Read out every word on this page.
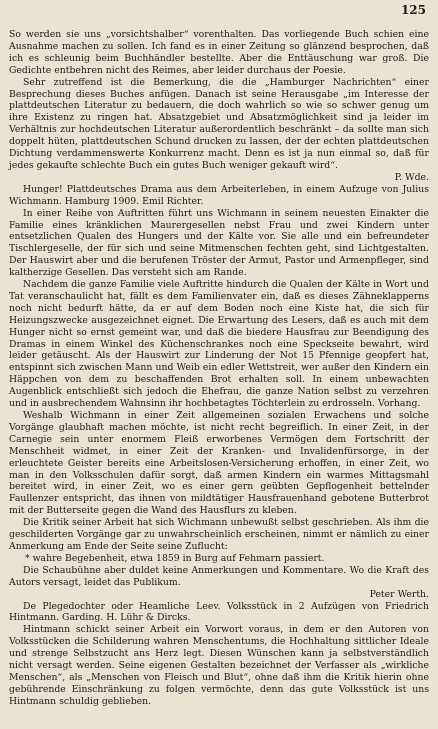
125

So werden sie uns „vorsichtshalber“ vorenthalten. Das vorliegende Buch schien eine Ausnahme machen zu sollen. Ich fand es in einer Zeitung so glänzend besprochen, daß ich es schleunig beim Buchhändler bestellte. Aber die Enttäuschung war groß. Die Gedichte entbehren nicht des Reimes, aber leider durchaus der Poesie.

Sehr zutreffend ist die Bemerkung, die die „Hamburger Nachrichten“ einer Besprechung dieses Buches anfügen. Danach ist seine Herausgabe „im Interesse der plattdeutschen Literatur zu bedauern, die doch wahrlich so wie so schwer genug um ihre Existenz zu ringen hat. Absatzgebiet und Absatzmöglichkeit sind ja leider im Verhältnis zur hochdeutschen Literatur außerordentlich beschränkt – da sollte man sich doppelt hüten, plattdeutschen Schund drucken zu lassen, der der echten plattdeutschen Dichtung verdammenswerte Konkurrenz macht. Denn es ist ja nun einmal so, daß für jedes gekaufte schlechte Buch ein gutes Buch weniger gekauft wird“.

P. Wde.

Hunger! Plattdeutsches Drama aus dem Arbeiterleben, in einem Aufzuge von Julius Wichmann. Hamburg 1909. Emil Richter.

In einer Reihe von Auftritten führt uns Wichmann in seinem neuesten Einakter die Familie eines kränklichen Maurergesellen nebst Frau und zwei Kindern unter entsetzlichen Qualen des Hungers und der Kälte vor. Sie alle und ein befreundeter Tischlergeselle, der für sich und seine Mitmenschen fechten geht, sind Lichtgestalten. Der Hauswirt aber und die berufenen Tröster der Armut, Pastor und Armenpfleger, sind kaltherzige Gesellen. Das versteht sich am Rande.

Nachdem die ganze Familie viele Auftritte hindurch die Qualen der Kälte in Wort und Tat veranschaulicht hat, fällt es dem Familienvater ein, daß es dieses Zähneklapperns noch nicht bedurft hätte, da er auf dem Boden noch eine Kiste hat, die sich für Heizungszwecke ausgezeichnet eignet. Die Erwartung des Lesers, daß es auch mit dem Hunger nicht so ernst gemeint war, und daß die biedere Hausfrau zur Beendigung des Dramas in einem Winkel des Küchenschrankes noch eine Speckseite bewahrt, wird leider getäuscht. Als der Hauswirt zur Linderung der Not 15 Pfennige geopfert hat, entspinnt sich zwischen Mann und Weib ein edler Wettstreit, wer außer den Kindern ein Häppchen von dem zu beschaffenden Brot erhalten soll. In einem unbewachten Augenblick entschließt sich jedoch die Ehefrau, die ganze Nation selbst zu verzehren und in ausbrechendem Wahnsinn ihr hochbetagtes Töchterlein zu erdrosseln. Vorhang.

Weshalb Wichmann in einer Zeit allgemeinen sozialen Erwachens und solche Vorgänge glaubhaft machen möchte, ist nicht recht begreiflich. In einer Zeit, in der Carnegie sein unter enormem Fleiß erworbenes Vermögen dem Fortschritt der Menschheit widmet, in einer Zeit der Kranken- und Invalidenfürsorge, in der erleuchtete Geister bereits eine Arbeitslosen-Versicherung erhoffen, in einer Zeit, wo man in den Volksschulen dafür sorgt, daß armen Kindern ein warmes Mittagsmahl bereitet wird, in einer Zeit, wo es einer gern geübten Gepflogenheit bettelnder Faullenzer entspricht, das ihnen von mildtätiger Hausfrauenhand gebotene Butterbrot mit der Butterseite gegen die Wand des Hausflurs zu kleben.

Die Kritik seiner Arbeit hat sich Wichmann unbewußt selbst geschrieben. Als ihm die geschilderten Vorgänge gar zu unwahrscheinlich erscheinen, nimmt er nämlich zu einer Anmerkung am Ende der Seite seine Zuflucht:

* wahre Begebenheit, etwa 1859 in Burg auf Fehmarn passiert.

Die Schaubühne aber duldet keine Anmerkungen und Kommentare. Wo die Kraft des Autors versagt, leidet das Publikum.

Peter Werth.

De Plegedochter oder Heamliche Leev. Volksstück in 2 Aufzügen von Friedrich Hintmann. Garding. H. Lühr & Dircks.

Hintmann schickt seiner Arbeit ein Vorwort voraus, in dem er den Autoren von Volksstücken die Schilderung wahren Menschentums, die Hochhaltung sittlicher Ideale und strenge Selbstzucht ans Herz legt. Diesen Wünschen kann ja selbstverständlich nicht versagt werden. Seine eigenen Gestalten bezeichnet der Verfasser als „wirkliche Menschen“, als „Menschen von Fleisch und Blut“, ohne daß ihm die Kritik hierin ohne gebührende Einschränkung zu folgen vermöchte, denn das gute Volksstück ist uns Hintmann schuldig geblieben.
